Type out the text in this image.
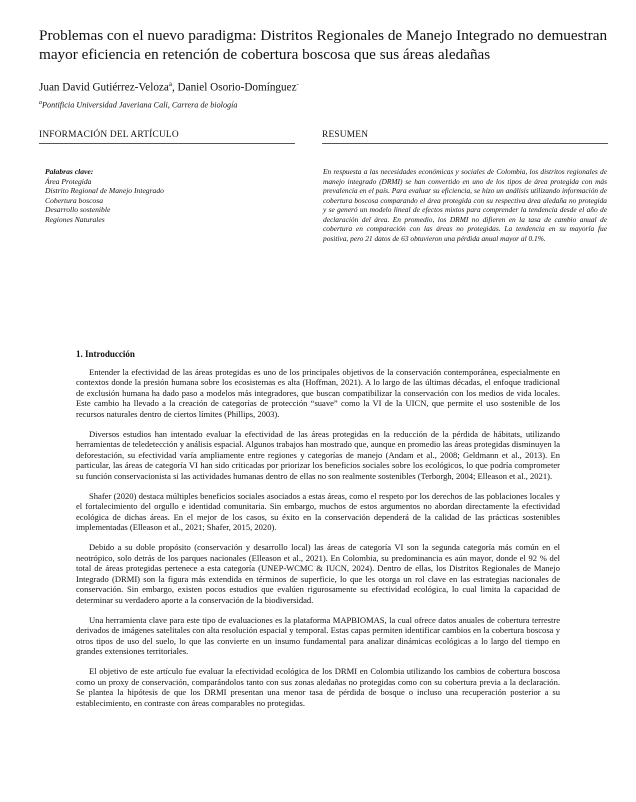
Problemas con el nuevo paradigma: Distritos Regionales de Manejo Integrado no demuestran mayor eficiencia en retención de cobertura boscosa que sus áreas aledañas
Juan David Gutiérrez-Veloza$^a$, Daniel Osorio-Domínguez-
$^a$Pontificia Universidad Javeriana Cali, Carrera de biología
INFORMACIÓN DEL ARTÍCULO	RESUMEN
Palabras clave:
Área Protegida
Distrito Regional de Manejo Integrado
Cobertura boscosa
Desarrollo sostenible
Regiones Naturales

En respuesta a las necesidades económicas y sociales de Colombia, los distritos regionales de manejo integrado (DRMI) se han convertido en uno de los tipos de área protegida con más prevalencia en el país. Para evaluar su eficiencia, se hizo un análisis utilizando información de cobertura boscosa comparando el área protegida con su respectiva área aledaña no protegida y se generó un modelo lineal de efectos mixtos para comprender la tendencia desde el año de declaración del área. En promedio, los DRMI no difieren en la tasa de cambio anual de cobertura en comparación con las áreas no protegidas. La tendencia en su mayoría fue positiva, pero 21 datos de 63 obtuvieron una pérdida anual mayor al 0.1%.

1. Introducción

Entender la efectividad de las áreas protegidas es uno de los principales objetivos de la conservación contemporánea, especialmente en contextos donde la presión humana sobre los ecosistemas es alta (Hoffman, 2021). A lo largo de las últimas décadas, el enfoque tradicional de exclusión humana ha dado paso a modelos más integradores, que buscan compatibilizar la conservación con los medios de vida locales. Este cambio ha llevado a la creación de categorías de protección “suave” como la VI de la UICN, que permite el uso sostenible de los recursos naturales dentro de ciertos límites (Phillips, 2003).

Diversos estudios han intentado evaluar la efectividad de las áreas protegidas en la reducción de la pérdida de hábitats, utilizando herramientas de teledetección y análisis espacial. Algunos trabajos han mostrado que, aunque en promedio las áreas protegidas disminuyen la deforestación, su efectividad varía ampliamente entre regiones y categorías de manejo (Andam et al., 2008; Geldmann et al., 2013). En particular, las áreas de categoría VI han sido criticadas por priorizar los beneficios sociales sobre los ecológicos, lo que podría comprometer su función conservacionista si las actividades humanas dentro de ellas no son realmente sostenibles (Terborgh, 2004; Elleason et al., 2021).

Shafer (2020) destaca múltiples beneficios sociales asociados a estas áreas, como el respeto por los derechos de las poblaciones locales y el fortalecimiento del orgullo e identidad comunitaria. Sin embargo, muchos de estos argumentos no abordan directamente la efectividad ecológica de dichas áreas. En el mejor de los casos, su éxito en la conservación dependerá de la calidad de las prácticas sostenibles implementadas (Elleason et al., 2021; Shafer, 2015, 2020).

Debido a su doble propósito (conservación y desarrollo local) las áreas de categoría VI son la segunda categoría más común en el neotrópico, solo detrás de los parques nacionales (Elleason et al., 2021). En Colombia, su predominancia es aún mayor, donde el 92 % del total de áreas protegidas pertenece a esta categoría (UNEP-WCMC & IUCN, 2024). Dentro de ellas, los Distritos Regionales de Manejo Integrado (DRMI) son la figura más extendida en términos de superficie, lo que les otorga un rol clave en las estrategias nacionales de conservación. Sin embargo, existen pocos estudios que evalúen rigurosamente su efectividad ecológica, lo cual limita la capacidad de determinar su verdadero aporte a la conservación de la biodiversidad.

Una herramienta clave para este tipo de evaluaciones es la plataforma MAPBIOMAS, la cual ofrece datos anuales de cobertura terrestre derivados de imágenes satelitales con alta resolución espacial y temporal. Estas capas permiten identificar cambios en la cobertura boscosa y otros tipos de uso del suelo, lo que las convierte en un insumo fundamental para analizar dinámicas ecológicas a lo largo del tiempo en grandes extensiones territoriales.

El objetivo de este artículo fue evaluar la efectividad ecológica de los DRMI en Colombia utilizando los cambios de cobertura boscosa como un proxy de conservación, comparándolos tanto con sus zonas aledañas no protegidas como con su cobertura previa a la declaración. Se plantea la hipótesis de que los DRMI presentan una menor tasa de pérdida de bosque o incluso una recuperación posterior a su establecimiento, en contraste con áreas comparables no protegidas.
